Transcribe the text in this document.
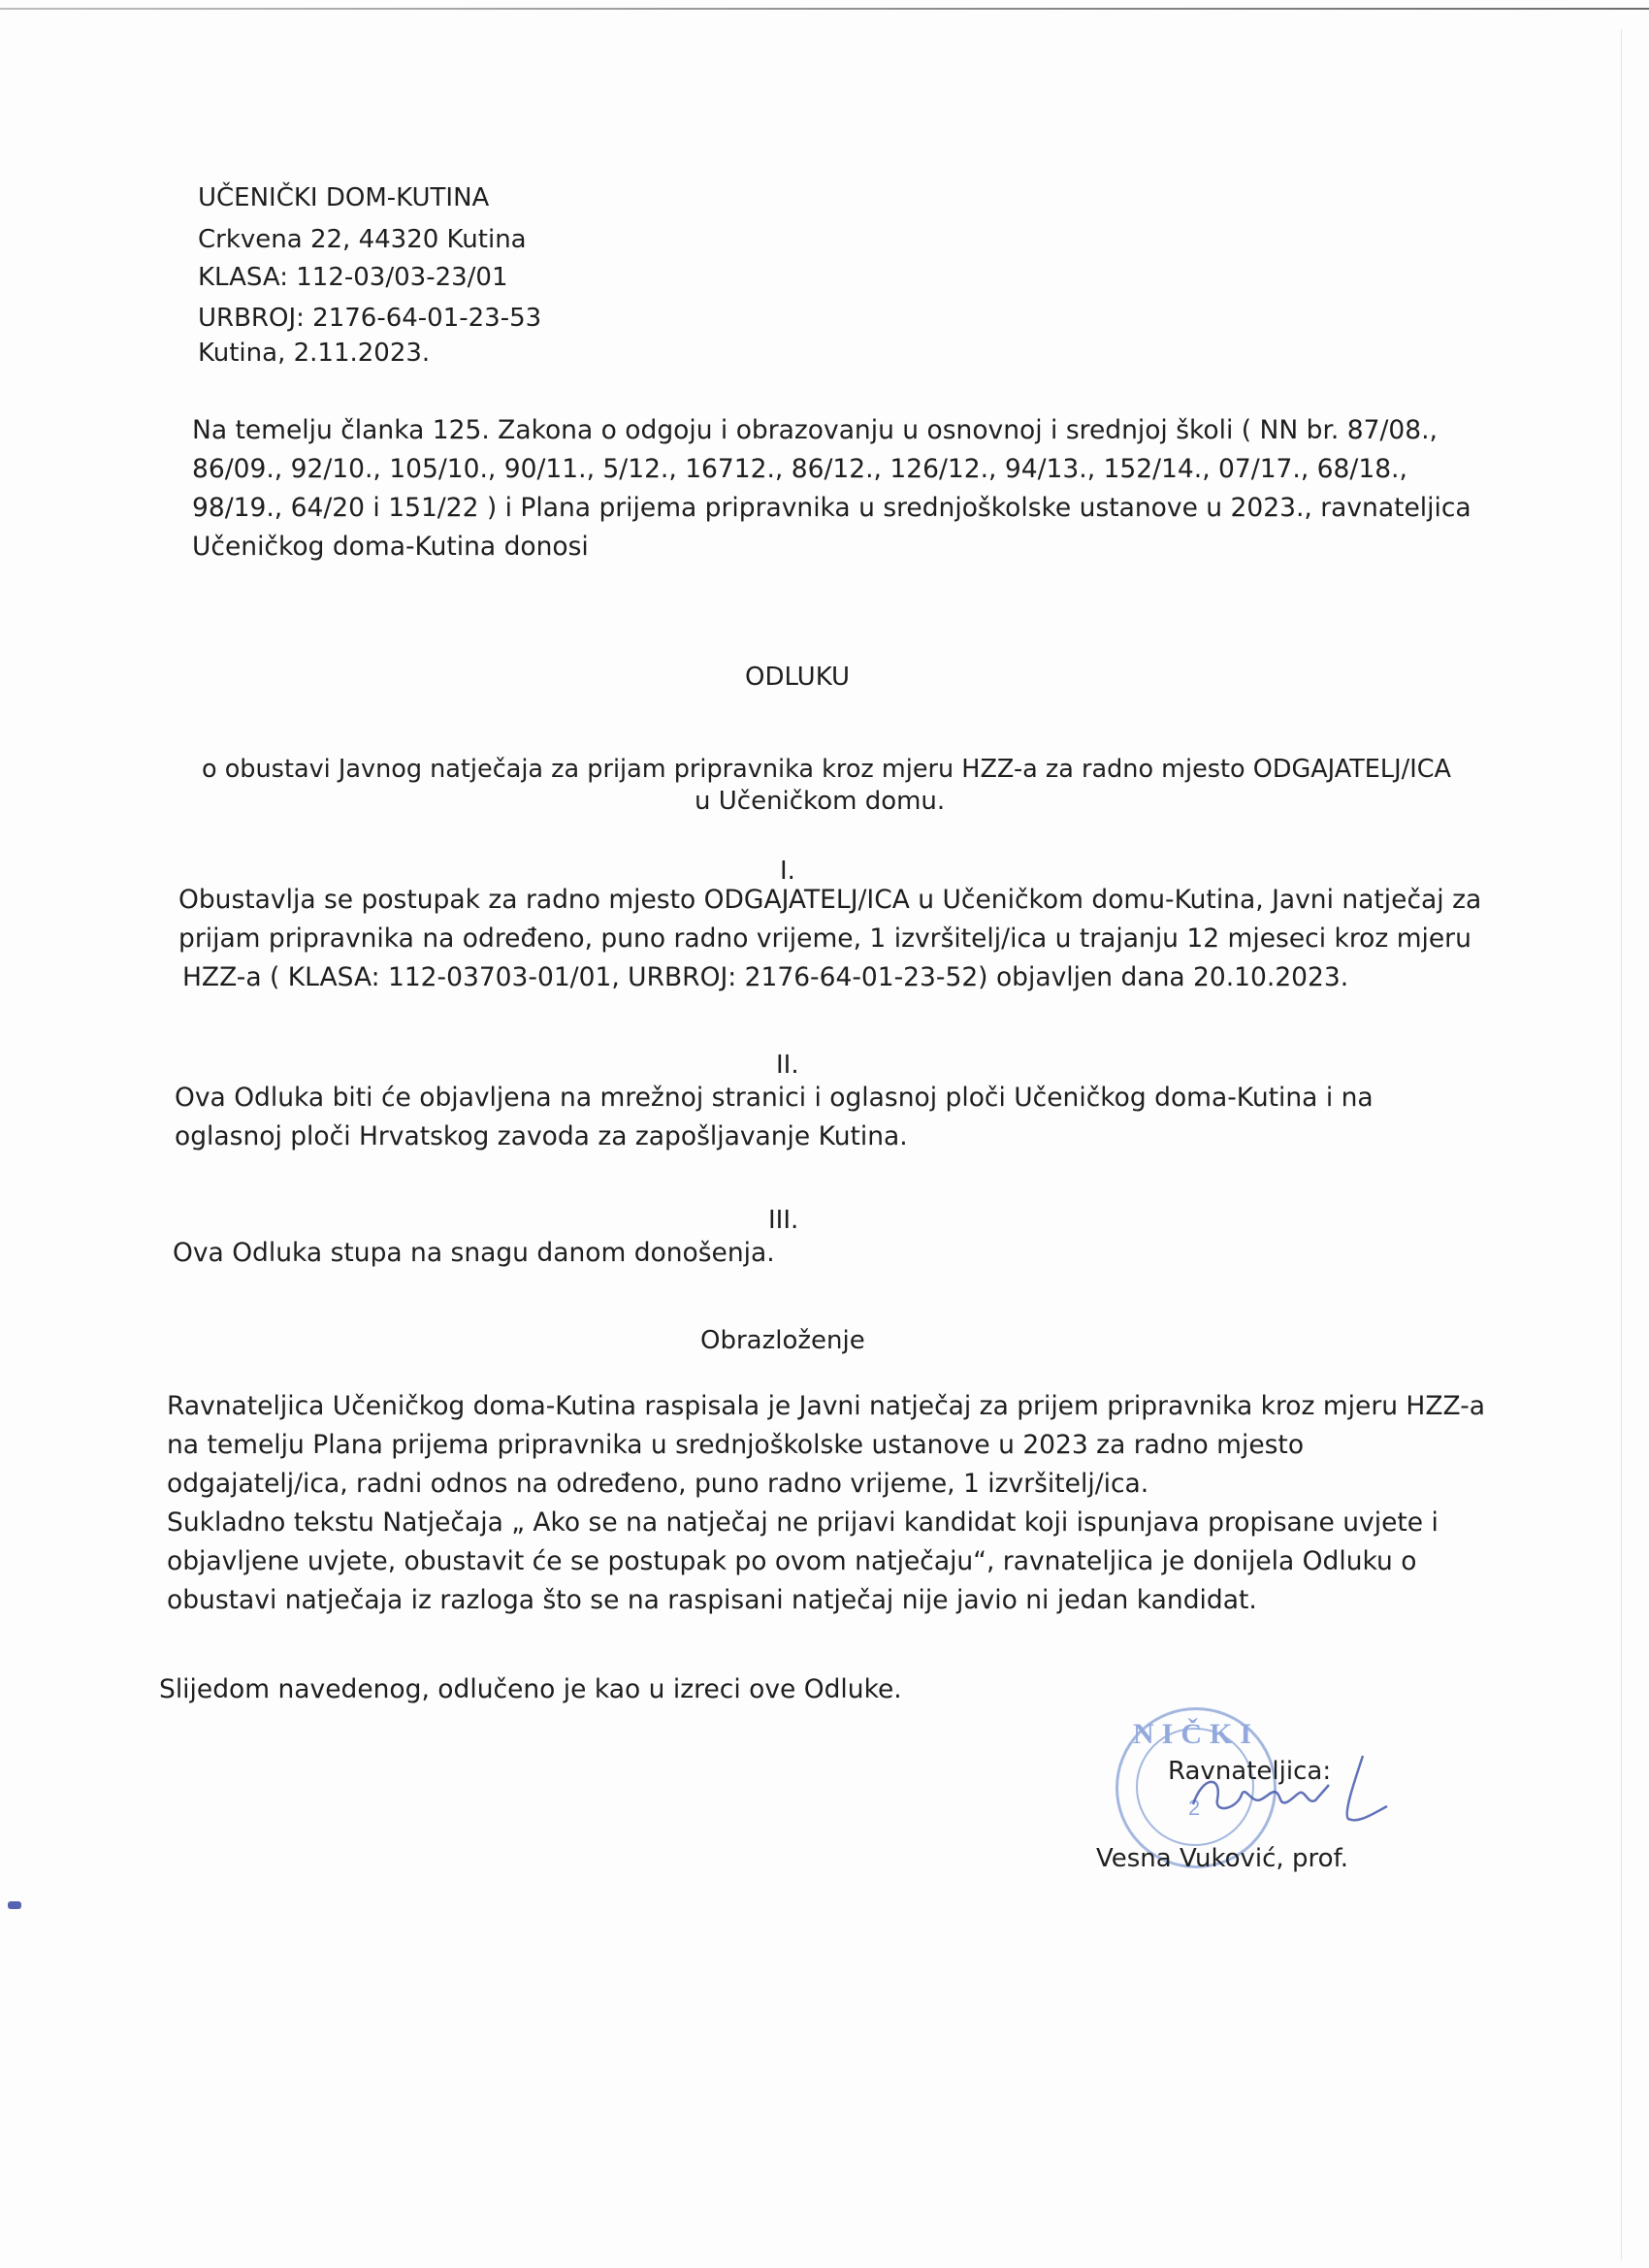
UČENIČKI DOM-KUTINA
Crkvena 22, 44320 Kutina
KLASA: 112-03/03-23/01
URBROJ: 2176-64-01-23-53
Kutina, 2.11.2023.
Na temelju članka 125. Zakona o odgoju i obrazovanju u osnovnoj i srednjoj školi ( NN br. 87/08.,
86/09., 92/10., 105/10., 90/11., 5/12., 16712., 86/12., 126/12., 94/13., 152/14., 07/17., 68/18.,
98/19., 64/20 i 151/22 ) i Plana prijema pripravnika u srednjoškolske ustanove u 2023., ravnateljica
Učeničkog doma-Kutina donosi
ODLUKU
o obustavi Javnog natječaja za prijam pripravnika kroz mjeru HZZ-a za radno mjesto ODGAJATELJ/ICA
u Učeničkom domu.
I.
Obustavlja se postupak za radno mjesto ODGAJATELJ/ICA u Učeničkom domu-Kutina, Javni natječaj za
prijam pripravnika na određeno, puno radno vrijeme, 1 izvršitelj/ica u trajanju 12 mjeseci kroz mjeru
HZZ-a ( KLASA: 112-03703-01/01, URBROJ: 2176-64-01-23-52) objavljen dana 20.10.2023.
II.
Ova Odluka biti će objavljena na mrežnoj stranici i oglasnoj ploči Učeničkog doma-Kutina i na
oglasnoj ploči Hrvatskog zavoda za zapošljavanje Kutina.
III.
Ova Odluka stupa na snagu danom donošenja.
Obrazloženje
Ravnateljica Učeničkog doma-Kutina raspisala je Javni natječaj za prijem pripravnika kroz mjeru HZZ-a
na temelju Plana prijema pripravnika u srednjoškolske ustanove u 2023 za radno mjesto
odgajatelj/ica, radni odnos na određeno, puno radno vrijeme, 1 izvršitelj/ica.
Sukladno tekstu Natječaja „ Ako se na natječaj ne prijavi kandidat koji ispunjava propisane uvjete i
objavljene uvjete, obustavit će se postupak po ovom natječaju“, ravnateljica je donijela Odluku o
obustavi natječaja iz razloga što se na raspisani natječaj nije javio ni jedan kandidat.
Slijedom navedenog, odlučeno je kao u izreci ove Odluke.
NIČKI
2
Ravnateljica:
Vesna Vuković, prof.
